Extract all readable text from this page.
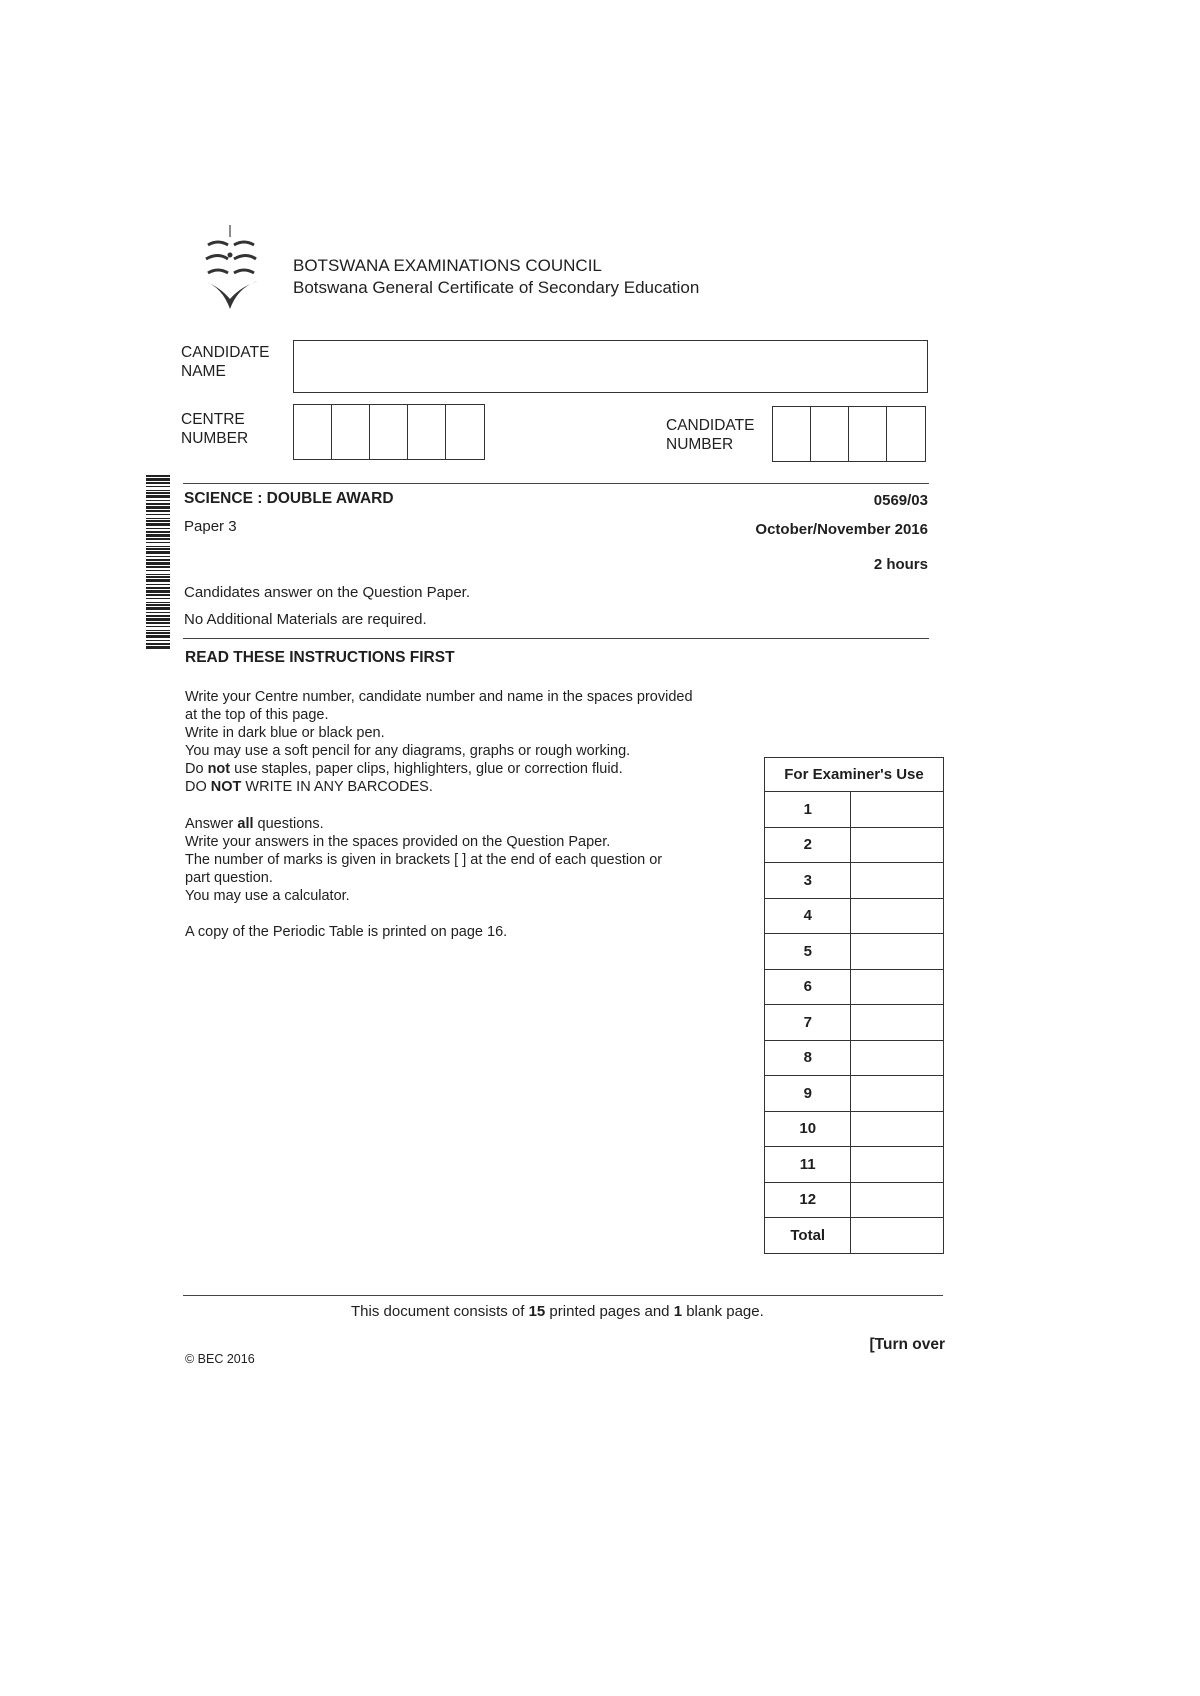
BOTSWANA EXAMINATIONS COUNCIL
Botswana General Certificate of Secondary Education
CANDIDATE
NAME
CENTRE
NUMBER
CANDIDATE
NUMBER
SCIENCE : DOUBLE AWARD
Paper 3
0569/03
October/November 2016
2 hours
Candidates answer on the Question Paper.
No Additional Materials are required.
READ THESE INSTRUCTIONS FIRST
Write your Centre number, candidate number and name in the spaces provided
at the top of this page.
Write in dark blue or black pen.
You may use a soft pencil for any diagrams, graphs or rough working.
Do not use staples, paper clips, highlighters, glue or correction fluid.
DO NOT WRITE IN ANY BARCODES.
Answer all questions.
Write your answers in the spaces provided on the Question Paper.
The number of marks is given in brackets [ ] at the end of each question or
part question.
You may use a calculator.
A copy of the Periodic Table is printed on page 16.
For Examiner's Use	
1	
2	
3	
4	
5	
6	
7	
8	
9	
10	
11	
12	
Total	
This document consists of 15 printed pages and 1 blank page.
© BEC 2016
[Turn over
